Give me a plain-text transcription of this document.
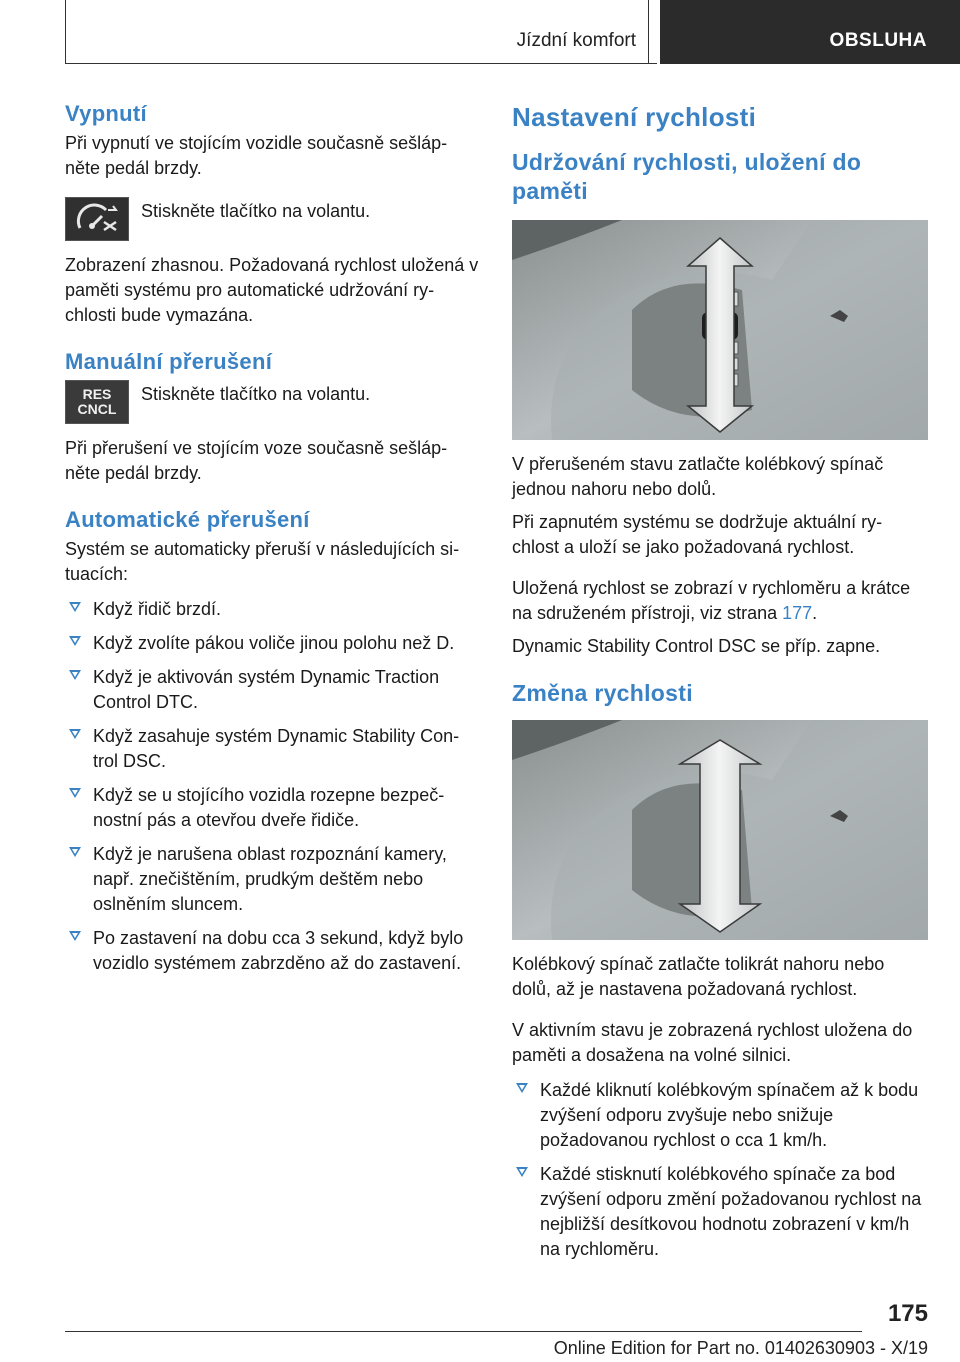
Jízdní komfort	OBSLUHA
Vypnutí

Při vypnutí ve stojícím vozidle současně sešláp‐ něte pedál brzdy.

Stiskněte tlačítko na volantu.

Zobrazení zhasnou. Požadovaná rychlost uložená v paměti systému pro automatické udržování ry‐ chlosti bude vymazána.

Manuální přerušení
RES
CNCL

Stiskněte tlačítko na volantu.

Při přerušení ve stojícím voze současně sešláp‐ něte pedál brzdy.

Automatické přerušení

Systém se automaticky přeruší v následujících si‐ tuacích:

Když řidič brzdí.
Když zvolíte pákou voliče jinou polohu než D.
Když je aktivován systém Dynamic Traction Control DTC.
Když zasahuje systém Dynamic Stability Con‐ trol DSC.
Když se u stojícího vozidla rozepne bezpeč‐ nostní pás a otevřou dveře řidiče.
Když je narušena oblast rozpoznání kamery, např. znečištěním, prudkým deštěm nebo oslněním sluncem.
Po zastavení na dobu cca 3 sekund, když bylo vozidlo systémem zabrzděno až do zastavení.
Nastavení rychlosti
Udržování rychlosti, uložení do paměti

V přerušeném stavu zatlačte kolébkový spínač jednou nahoru nebo dolů.

Při zapnutém systému se dodržuje aktuální ry‐ chlost a uloží se jako požadovaná rychlost.

Uložená rychlost se zobrazí v rychloměru a krátce na sdruženém přístroji, viz strana 177.

Dynamic Stability Control DSC se příp. zapne.

Změna rychlosti

Kolébkový spínač zatlačte tolikrát nahoru nebo dolů, až je nastavena požadovaná rychlost.

V aktivním stavu je zobrazená rychlost uložena do paměti a dosažena na volné silnici.

Každé kliknutí kolébkovým spínačem až k bodu zvýšení odporu zvyšuje nebo snižuje požadovanou rychlost o cca 1 km/h.
Každé stisknutí kolébkového spínače za bod zvýšení odporu změní požadovanou rychlost na nejbližší desítkovou hodnotu zobrazení v km/h na rychloměru.
175
Online Edition for Part no. 01402630903 - X/19
